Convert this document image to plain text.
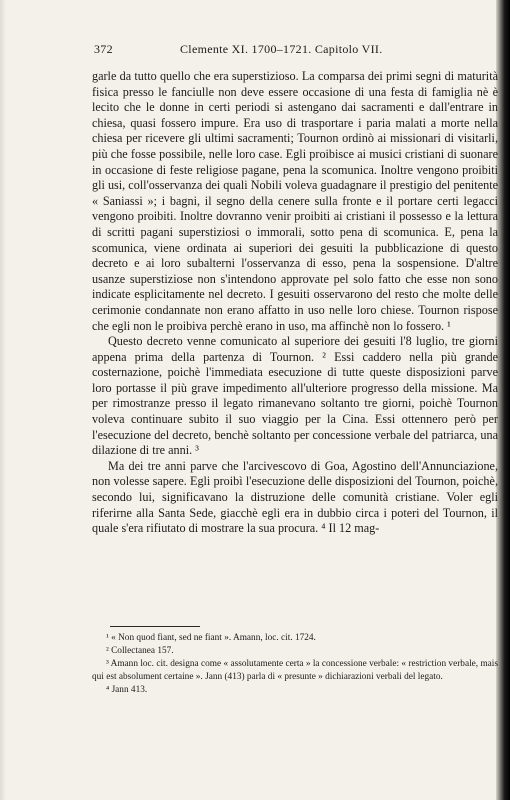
372	Clemente XI. 1700–1721. Capitolo VII.

garle da tutto quello che era superstizioso. La comparsa dei primi segni di maturità fisica presso le fanciulle non deve essere occasione di una festa di famiglia nè è lecito che le donne in certi periodi si astengano dai sacramenti e dall'entrare in chiesa, quasi fossero impure. Era uso di trasportare i paria malati a morte nella chiesa per ricevere gli ultimi sacramenti; Tournon ordinò ai missionari di visitarli, più che fosse possibile, nelle loro case. Egli proibisce ai musici cristiani di suonare in occasione di feste religiose pagane, pena la scomunica. Inoltre vengono proibiti gli usi, coll'osservanza dei quali Nobili voleva guadagnare il prestigio del penitente « Saniassi »; i bagni, il segno della cenere sulla fronte e il portare certi legacci vengono proibiti. Inoltre dovranno venir proibiti ai cristiani il possesso e la lettura di scritti pagani superstiziosi o immorali, sotto pena di scomunica. E, pena la scomunica, viene ordinata ai superiori dei gesuiti la pubblicazione di questo decreto e ai loro subalterni l'osservanza di esso, pena la sospensione. D'altre usanze superstiziose non s'intendono approvate pel solo fatto che esse non sono indicate esplicitamente nel decreto. I gesuiti osservarono del resto che molte delle cerimonie condannate non erano affatto in uso nelle loro chiese. Tournon rispose che egli non le proibiva perchè erano in uso, ma affinchè non lo fossero. ¹

Questo decreto venne comunicato al superiore dei gesuiti l'8 luglio, tre giorni appena prima della partenza di Tournon. ² Essi caddero nella più grande costernazione, poichè l'immediata esecuzione di tutte queste disposizioni parve loro portasse il più grave impedimento all'ulteriore progresso della missione. Ma per rimostranze presso il legato rimanevano soltanto tre giorni, poichè Tournon voleva continuare subito il suo viaggio per la Cina. Essi ottennero però per l'esecuzione del decreto, benchè soltanto per concessione verbale del patriarca, una dilazione di tre anni. ³

Ma dei tre anni parve che l'arcivescovo di Goa, Agostino dell'Annunciazione, non volesse sapere. Egli proibì l'esecuzione delle disposizioni del Tournon, poichè, secondo lui, significavano la distruzione delle comunità cristiane. Voler egli riferirne alla Santa Sede, giacchè egli era in dubbio circa i poteri del Tournon, il quale s'era rifiutato di mostrare la sua procura. ⁴ Il 12 mag-

¹ « Non quod fiant, sed ne fiant ». Amann, loc. cit. 1724.

² Collectanea 157.

³ Amann loc. cit. designa come « assolutamente certa » la concessione verbale: « restriction verbale, mais qui est absolument certaine ». Jann (413) parla di « presunte » dichiarazioni verbali del legato.

⁴ Jann 413.
